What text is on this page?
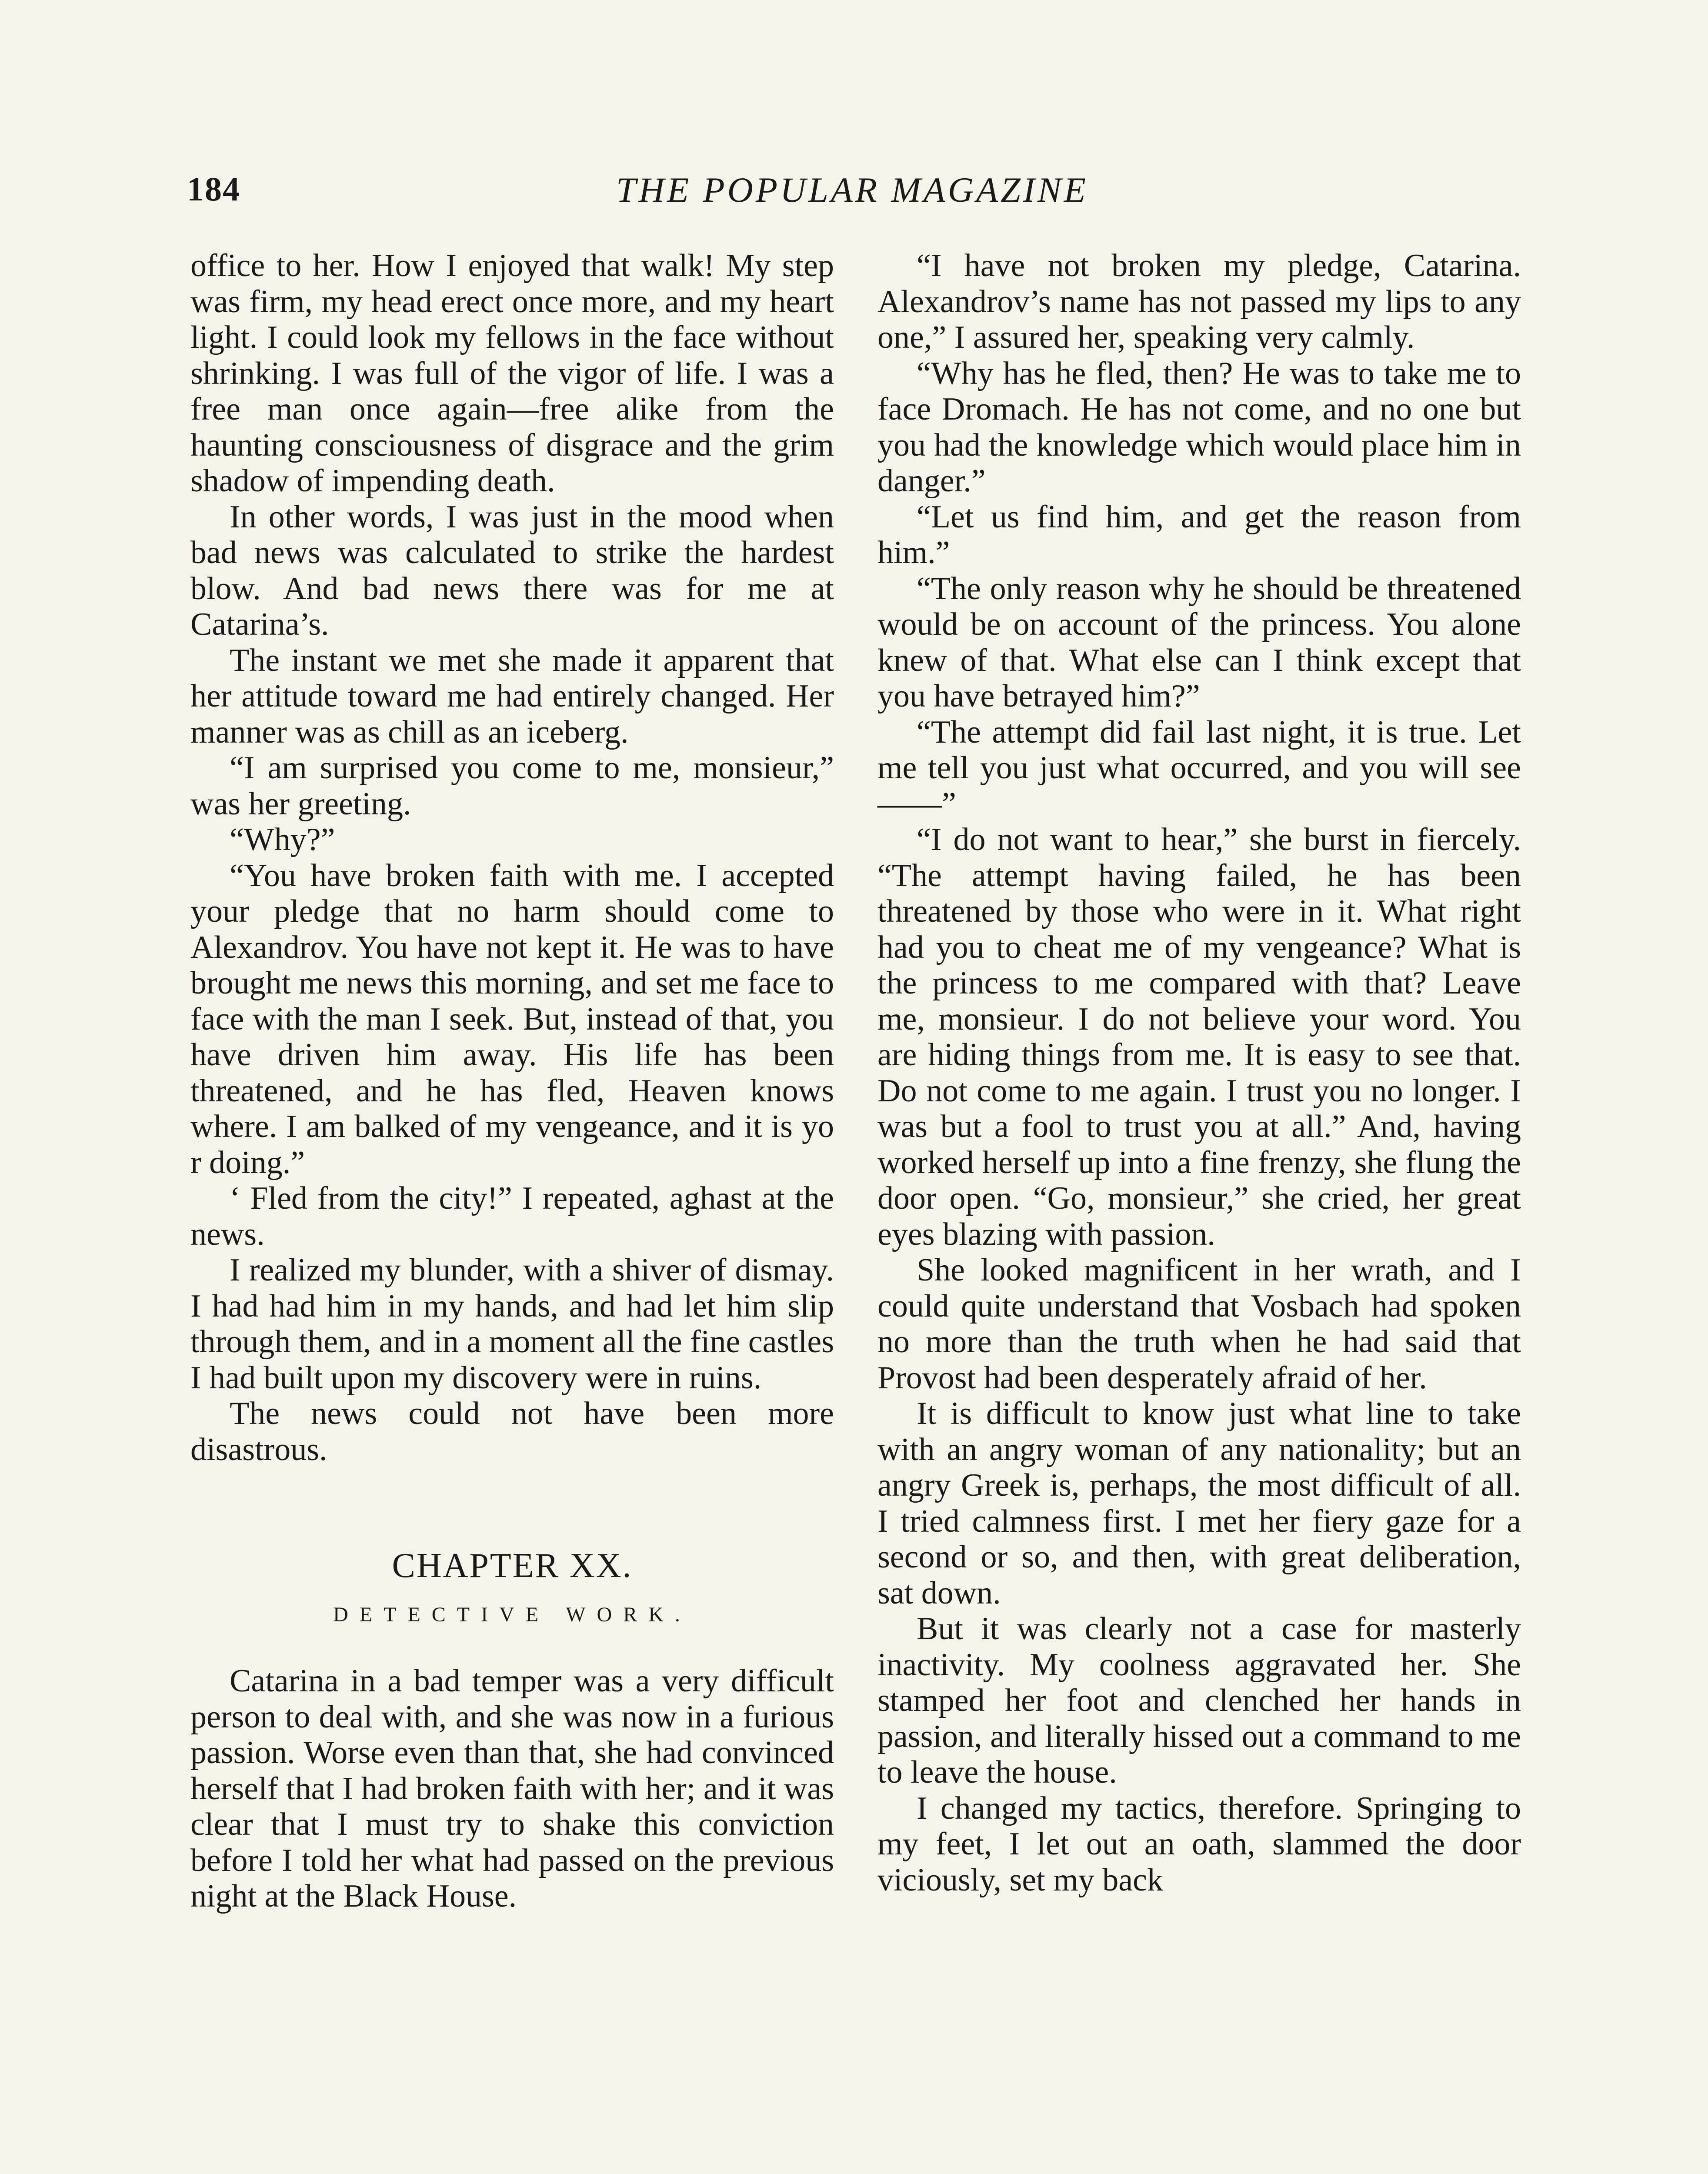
184	THE POPULAR MAGAZINE

office to her. How I enjoyed that walk! My step was firm, my head erect once more, and my heart light. I could look my fellows in the face without shrinking. I was full of the vigor of life. I was a free man once again—free alike from the haunting consciousness of disgrace and the grim shadow of impending death.

In other words, I was just in the mood when bad news was calculated to strike the hardest blow. And bad news there was for me at Catarina’s.

The instant we met she made it apparent that her attitude toward me had entirely changed. Her manner was as chill as an iceberg.

“I am surprised you come to me, monsieur,” was her greeting.

“Why?”

“You have broken faith with me. I accepted your pledge that no harm should come to Alexandrov. You have not kept it. He was to have brought me news this morning, and set me face to face with the man I seek. But, instead of that, you have driven him away. His life has been threatened, and he has fled, Heaven knows where. I am balked of my vengeance, and it is yo r doing.”

‘ Fled from the city!” I repeated, aghast at the news.

I realized my blunder, with a shiver of dismay. I had had him in my hands, and had let him slip through them, and in a moment all the fine castles I had built upon my discovery were in ruins.

The news could not have been more disastrous.

CHAPTER XX.
DETECTIVE WORK.

Catarina in a bad temper was a very difficult person to deal with, and she was now in a furious passion. Worse even than that, she had convinced herself that I had broken faith with her; and it was clear that I must try to shake this conviction before I told her what had passed on the previous night at the Black House.

“I have not broken my pledge, Catarina. Alexandrov’s name has not passed my lips to any one,” I assured her, speaking very calmly.

“Why has he fled, then? He was to take me to face Dromach. He has not come, and no one but you had the knowledge which would place him in danger.”

“Let us find him, and get the reason from him.”

“The only reason why he should be threatened would be on account of the princess. You alone knew of that. What else can I think except that you have betrayed him?”

“The attempt did fail last night, it is true. Let me tell you just what occurred, and you will see——”

“I do not want to hear,” she burst in fiercely. “The attempt having failed, he has been threatened by those who were in it. What right had you to cheat me of my vengeance? What is the princess to me compared with that? Leave me, monsieur. I do not believe your word. You are hiding things from me. It is easy to see that. Do not come to me again. I trust you no longer. I was but a fool to trust you at all.” And, having worked herself up into a fine frenzy, she flung the door open. “Go, monsieur,” she cried, her great eyes blazing with passion.

She looked magnificent in her wrath, and I could quite understand that Vosbach had spoken no more than the truth when he had said that Provost had been desperately afraid of her.

It is difficult to know just what line to take with an angry woman of any nationality; but an angry Greek is, perhaps, the most difficult of all. I tried calmness first. I met her fiery gaze for a second or so, and then, with great deliberation, sat down.

But it was clearly not a case for masterly inactivity. My coolness aggravated her. She stamped her foot and clenched her hands in passion, and literally hissed out a command to me to leave the house.

I changed my tactics, therefore. Springing to my feet, I let out an oath, slammed the door viciously, set my back
